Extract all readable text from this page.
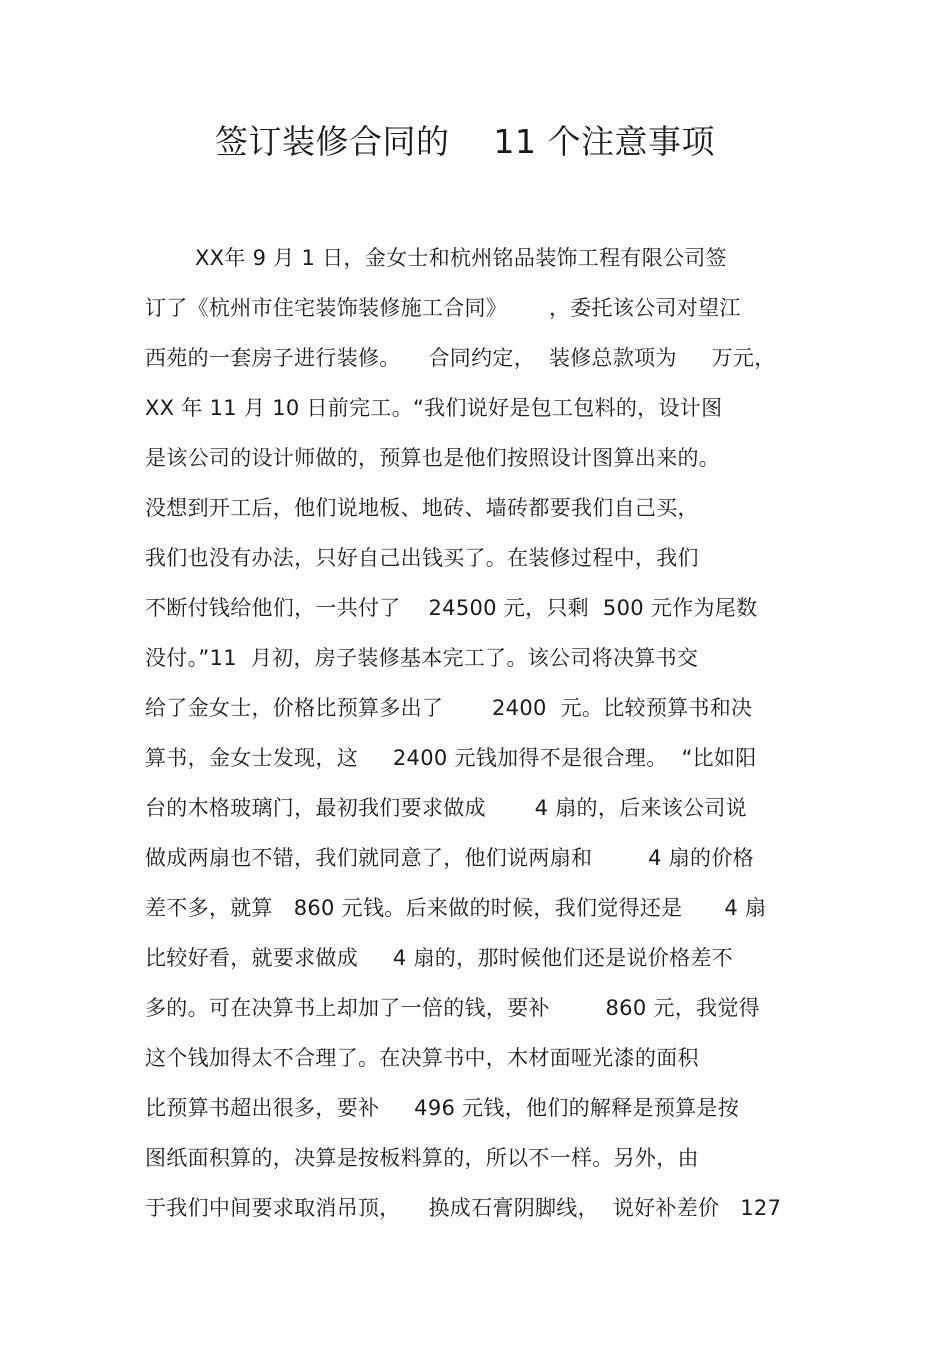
签订装修合同的    11 个注意事项
XX年 9 月 1 日，金女士和杭州铭品装饰工程有限公司签
订了《杭州市住宅装饰装修施工合同》      ，委托该公司对望江
西苑的一套房子进行装修。    合同约定，  装修总款项为     万元，
XX 年 11 月 10 日前完工。“我们说好是包工包料的，设计图
是该公司的设计师做的，预算也是他们按照设计图算出来的。
没想到开工后，他们说地板、地砖、墙砖都要我们自己买，
我们也没有办法，只好自己出钱买了。在装修过程中，我们
不断付钱给他们，一共付了    24500 元，只剩  500 元作为尾数
没付。”11  月初，房子装修基本完工了。该公司将决算书交
给了金女士，价格比预算多出了       2400  元。比较预算书和决
算书，金女士发现，这     2400 元钱加得不是很合理。  “比如阳
台的木格玻璃门，最初我们要求做成       4 扇的，后来该公司说
做成两扇也不错，我们就同意了，他们说两扇和        4 扇的价格
差不多，就算   860 元钱。后来做的时候，我们觉得还是      4 扇
比较好看，就要求做成     4 扇的，那时候他们还是说价格差不
多的。可在决算书上却加了一倍的钱，要补        860 元，我觉得
这个钱加得太不合理了。在决算书中，木材面哑光漆的面积
比预算书超出很多，要补     496 元钱，他们的解释是预算是按
图纸面积算的，决算是按板料算的，所以不一样。另外，由
于我们中间要求取消吊顶，    换成石膏阴脚线，  说好补差价   127
